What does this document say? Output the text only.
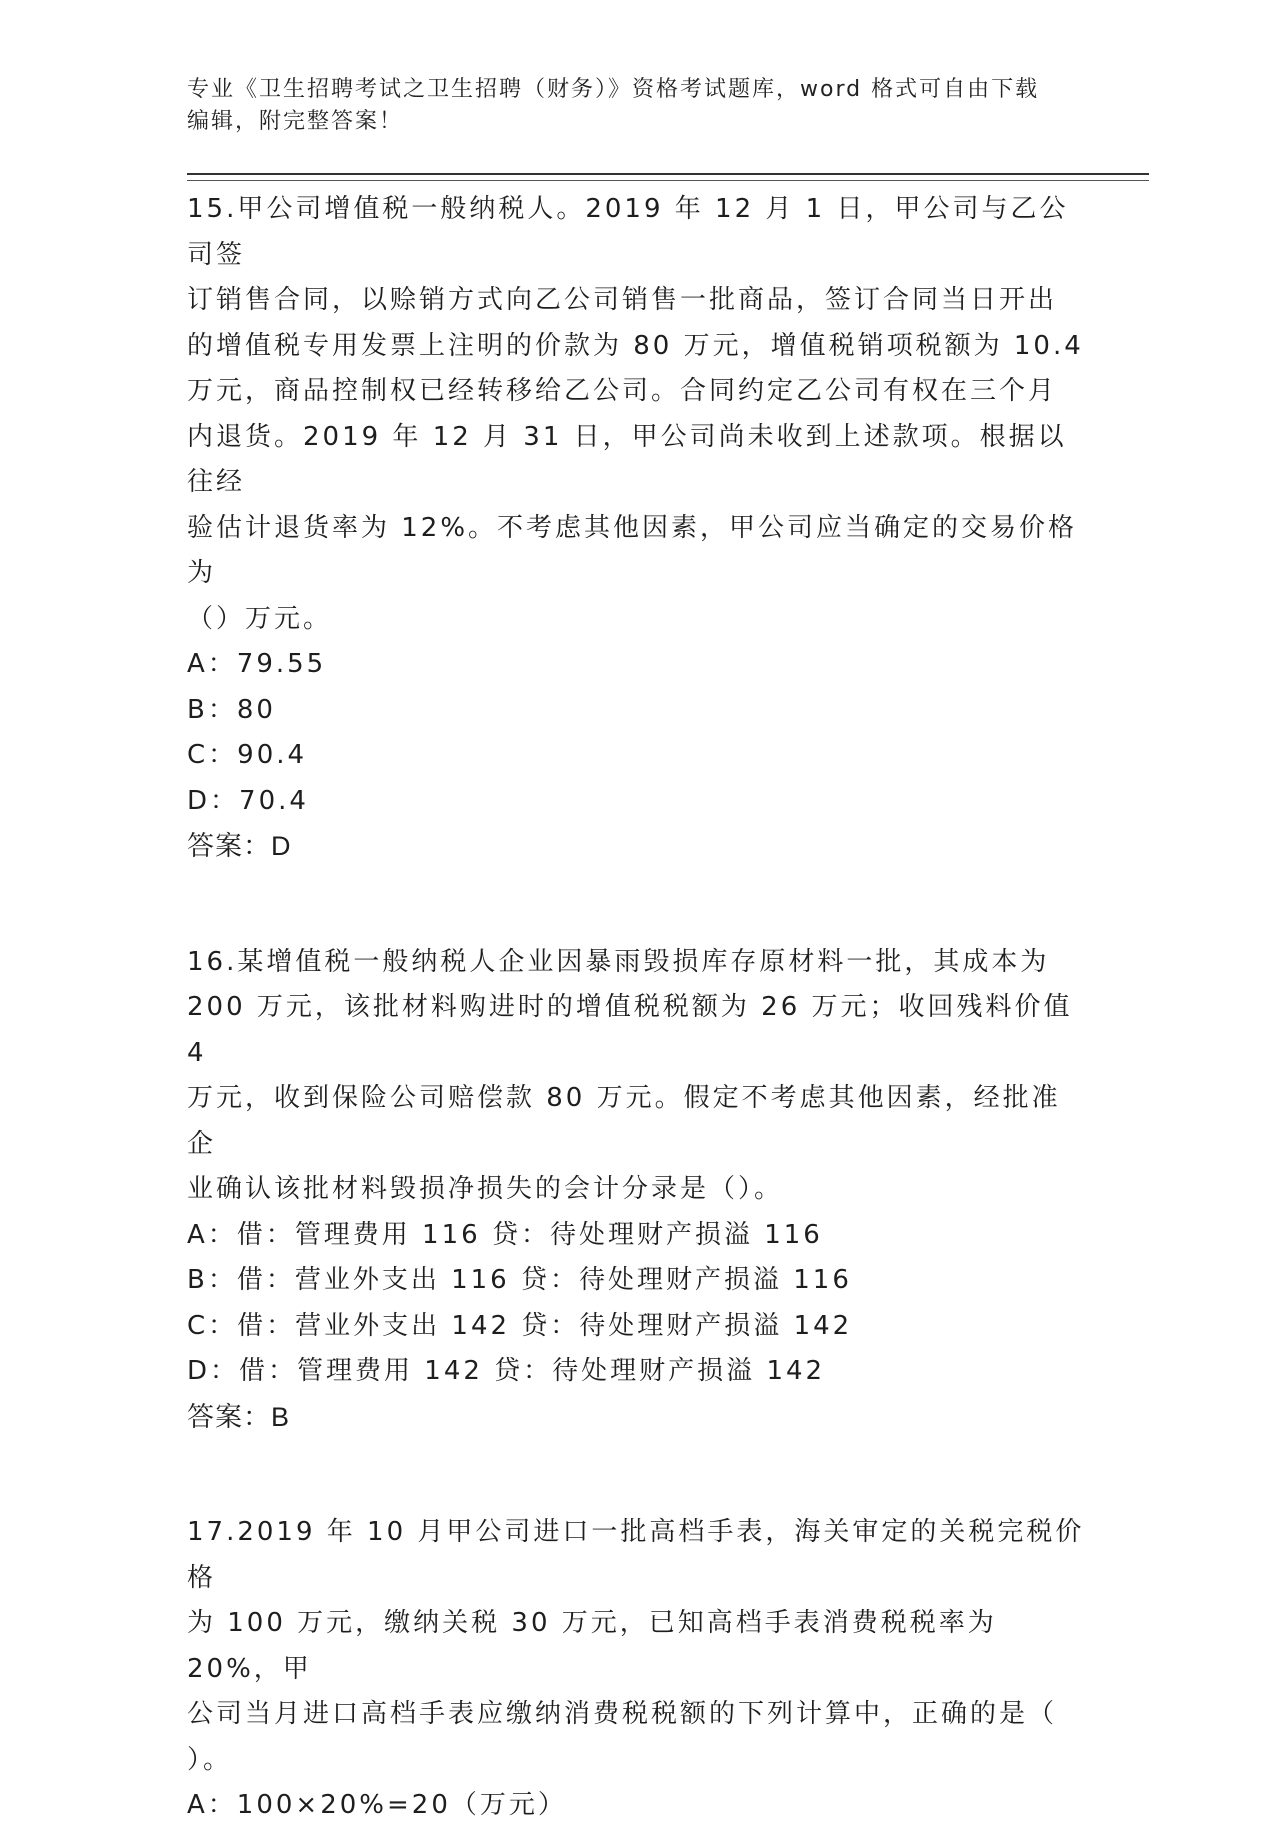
专业《卫生招聘考试之卫生招聘（财务）》资格考试题库，word 格式可自由下载
编辑，附完整答案！
15.甲公司增值税一般纳税人。2019 年 12 月 1 日，甲公司与乙公司签
订销售合同，以赊销方式向乙公司销售一批商品，签订合同当日开出
的增值税专用发票上注明的价款为 80 万元，增值税销项税额为 10.4
万元，商品控制权已经转移给乙公司。合同约定乙公司有权在三个月
内退货。2019 年 12 月 31 日，甲公司尚未收到上述款项。根据以往经
验估计退货率为 12%。不考虑其他因素，甲公司应当确定的交易价格为
（）万元。
A：79.55
B：80
C：90.4
D：70.4
答案：D
16.某增值税一般纳税人企业因暴雨毁损库存原材料一批，其成本为
200 万元，该批材料购进时的增值税税额为 26 万元；收回残料价值 4
万元，收到保险公司赔偿款 80 万元。假定不考虑其他因素，经批准企
业确认该批材料毁损净损失的会计分录是（）。
A：借：管理费用 116 贷：待处理财产损溢 116
B：借：营业外支出 116 贷：待处理财产损溢 116
C：借：营业外支出 142 贷：待处理财产损溢 142
D：借：管理费用 142 贷：待处理财产损溢 142
答案：B
17.2019 年 10 月甲公司进口一批高档手表，海关审定的关税完税价格
为 100 万元，缴纳关税 30 万元，已知高档手表消费税税率为 20%，甲
公司当月进口高档手表应缴纳消费税税额的下列计算中，正确的是（
）。
A：100×20%=20（万元）
